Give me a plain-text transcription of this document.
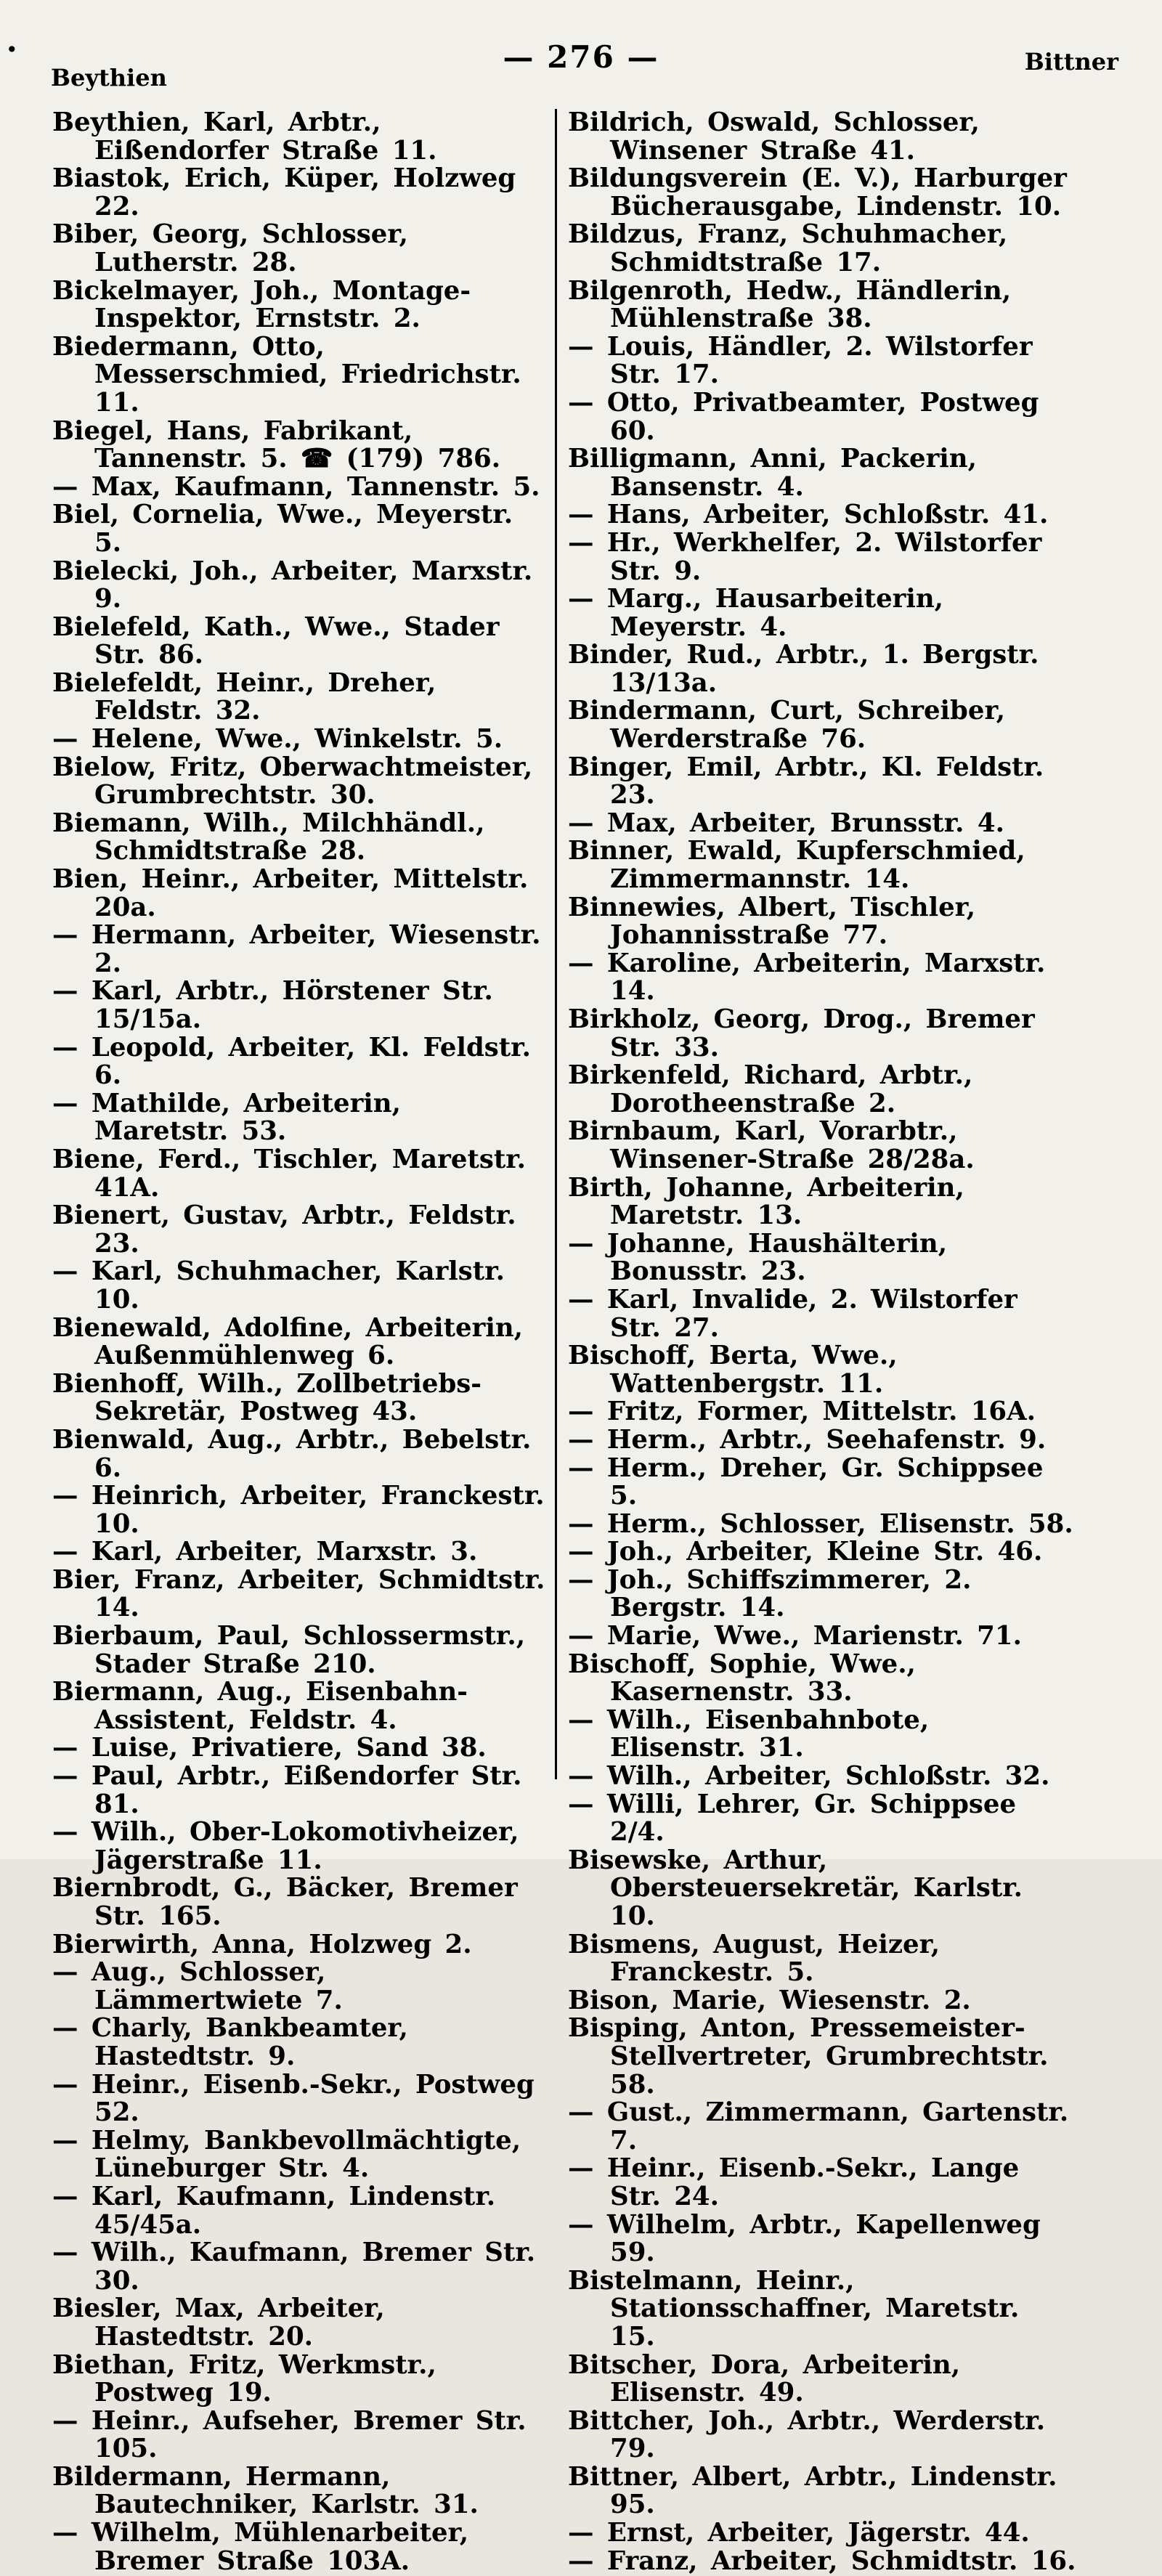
•
Beythien
— 276 —	Bittner

Beythien, Karl, Arbtr., Eißendorfer Straße 11.

Biastok, Erich, Küper, Holzweg 22.

Biber, Georg, Schlosser, Lutherstr. 28.

Bickelmayer, Joh., Montage-Inspektor, Ernststr. 2.

Biedermann, Otto, Messerschmied, Friedrichstr. 11.

Biegel, Hans, Fabrikant, Tannenstr. 5. ☎ (179) 786.

— Max, Kaufmann, Tannenstr. 5.

Biel, Cornelia, Wwe., Meyerstr. 5.

Bielecki, Joh., Arbeiter, Marxstr. 9.

Bielefeld, Kath., Wwe., Stader Str. 86.

Bielefeldt, Heinr., Dreher, Feldstr. 32.

— Helene, Wwe., Winkelstr. 5.

Bielow, Fritz, Oberwachtmeister, Grumbrechtstr. 30.

Biemann, Wilh., Milchhändl., Schmidtstraße 28.

Bien, Heinr., Arbeiter, Mittelstr. 20a.

— Hermann, Arbeiter, Wiesenstr. 2.

— Karl, Arbtr., Hörstener Str. 15/15a.

— Leopold, Arbeiter, Kl. Feldstr. 6.

— Mathilde, Arbeiterin, Maretstr. 53.

Biene, Ferd., Tischler, Maretstr. 41A.

Bienert, Gustav, Arbtr., Feldstr. 23.

— Karl, Schuhmacher, Karlstr. 10.

Bienewald, Adolfine, Arbeiterin, Außenmühlenweg 6.

Bienhoff, Wilh., Zollbetriebs-Sekretär, Postweg 43.

Bienwald, Aug., Arbtr., Bebelstr. 6.

— Heinrich, Arbeiter, Franckestr. 10.

— Karl, Arbeiter, Marxstr. 3.

Bier, Franz, Arbeiter, Schmidtstr. 14.

Bierbaum, Paul, Schlossermstr., Stader Straße 210.

Biermann, Aug., Eisenbahn-Assistent, Feldstr. 4.

— Luise, Privatiere, Sand 38.

— Paul, Arbtr., Eißendorfer Str. 81.

— Wilh., Ober-Lokomotivheizer, Jägerstraße 11.

Biernbrodt, G., Bäcker, Bremer Str. 165.

Bierwirth, Anna, Holzweg 2.

— Aug., Schlosser, Lämmertwiete 7.

— Charly, Bankbeamter, Hastedtstr. 9.

— Heinr., Eisenb.-Sekr., Postweg 52.

— Helmy, Bankbevollmächtigte, Lüneburger Str. 4.

— Karl, Kaufmann, Lindenstr. 45/45a.

— Wilh., Kaufmann, Bremer Str. 30.

Biesler, Max, Arbeiter, Hastedtstr. 20.

Biethan, Fritz, Werkmstr., Postweg 19.

— Heinr., Aufseher, Bremer Str. 105.

Bildermann, Hermann, Bautechniker, Karlstr. 31.

— Wilhelm, Mühlenarbeiter, Bremer Straße 103A.

Bildrich, Oswald, Schlosser, Winsener Straße 41.

Bildungsverein (E. V.), Harburger Bücherausgabe, Lindenstr. 10.

Bildzus, Franz, Schuhmacher, Schmidtstraße 17.

Bilgenroth, Hedw., Händlerin, Mühlenstraße 38.

— Louis, Händler, 2. Wilstorfer Str. 17.

— Otto, Privatbeamter, Postweg 60.

Billigmann, Anni, Packerin, Bansenstr. 4.

— Hans, Arbeiter, Schloßstr. 41.

— Hr., Werkhelfer, 2. Wilstorfer Str. 9.

— Marg., Hausarbeiterin, Meyerstr. 4.

Binder, Rud., Arbtr., 1. Bergstr. 13/13a.

Bindermann, Curt, Schreiber, Werderstraße 76.

Binger, Emil, Arbtr., Kl. Feldstr. 23.

— Max, Arbeiter, Brunsstr. 4.

Binner, Ewald, Kupferschmied, Zimmermannstr. 14.

Binnewies, Albert, Tischler, Johannisstraße 77.

— Karoline, Arbeiterin, Marxstr. 14.

Birkholz, Georg, Drog., Bremer Str. 33.

Birkenfeld, Richard, Arbtr., Dorotheenstraße 2.

Birnbaum, Karl, Vorarbtr., Winsener-Straße 28/28a.

Birth, Johanne, Arbeiterin, Maretstr. 13.

— Johanne, Haushälterin, Bonusstr. 23.

— Karl, Invalide, 2. Wilstorfer Str. 27.

Bischoff, Berta, Wwe., Wattenbergstr. 11.

— Fritz, Former, Mittelstr. 16A.

— Herm., Arbtr., Seehafenstr. 9.

— Herm., Dreher, Gr. Schippsee 5.

— Herm., Schlosser, Elisenstr. 58.

— Joh., Arbeiter, Kleine Str. 46.

— Joh., Schiffszimmerer, 2. Bergstr. 14.

— Marie, Wwe., Marienstr. 71.

Bischoff, Sophie, Wwe., Kasernenstr. 33.

— Wilh., Eisenbahnbote, Elisenstr. 31.

— Wilh., Arbeiter, Schloßstr. 32.

— Willi, Lehrer, Gr. Schippsee 2/4.

Bisewske, Arthur, Obersteuersekretär, Karlstr. 10.

Bismens, August, Heizer, Franckestr. 5.

Bison, Marie, Wiesenstr. 2.

Bisping, Anton, Pressemeister-Stellvertreter, Grumbrechtstr. 58.

— Gust., Zimmermann, Gartenstr. 7.

— Heinr., Eisenb.-Sekr., Lange Str. 24.

— Wilhelm, Arbtr., Kapellenweg 59.

Bistelmann, Heinr., Stationsschaffner, Maretstr. 15.

Bitscher, Dora, Arbeiterin, Elisenstr. 49.

Bittcher, Joh., Arbtr., Werderstr. 79.

Bittner, Albert, Arbtr., Lindenstr. 95.

— Ernst, Arbeiter, Jägerstr. 44.

— Franz, Arbeiter, Schmidtstr. 16.
